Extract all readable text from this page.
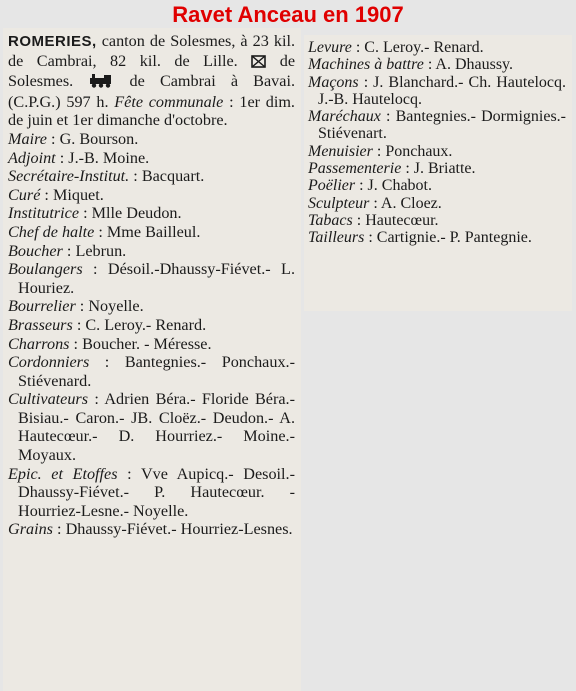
Ravet Anceau en 1907
ROMERIES, canton de Solesmes, à 23 kil. de Cambrai, 82 kil. de Lille.  de Solesmes.  de Cambrai à Bavai. (C.P.G.) 597 h. Fête communale : 1er dim. de juin et 1er dimanche d'octobre.
Maire : G. Bourson.
Adjoint : J.-B. Moine.
Secrétaire-Institut. : Bacquart.
Curé : Miquet.
Institutrice : Mlle Deudon.
Chef de halte : Mme Bailleul.
Boucher : Lebrun.
Boulangers : Désoil.-Dhaussy-Fiévet.- L. Houriez.
Bourrelier : Noyelle.
Brasseurs : C. Leroy.- Renard.
Charrons : Boucher. - Méresse.
Cordonniers : Bantegnies.- Ponchaux.- Stiévenard.
Cultivateurs : Adrien Béra.- Floride Béra.- Bisiau.- Caron.- JB. Cloëz.- Deudon.- A. Hautecœur.- D. Hourriez.- Moine.- Moyaux.
Epic. et Etoffes : Vve Aupicq.- Desoil.- Dhaussy-Fiévet.- P. Hautecœur. - Hourriez-Lesne.- Noyelle.
Grains : Dhaussy-Fiévet.- Hourriez-Lesnes.
Levure : C. Leroy.- Renard.
Machines à battre : A. Dhaussy.
Maçons : J. Blanchard.- Ch. Hautelocq. J.-B. Hautelocq.
Maréchaux : Bantegnies.- Dormignies.- Stiévenart.
Menuisier : Ponchaux.
Passementerie : J. Briatte.
Poëlier : J. Chabot.
Sculpteur : A. Cloez.
Tabacs : Hautecœur.
Tailleurs : Cartignie.- P. Pantegnie.
